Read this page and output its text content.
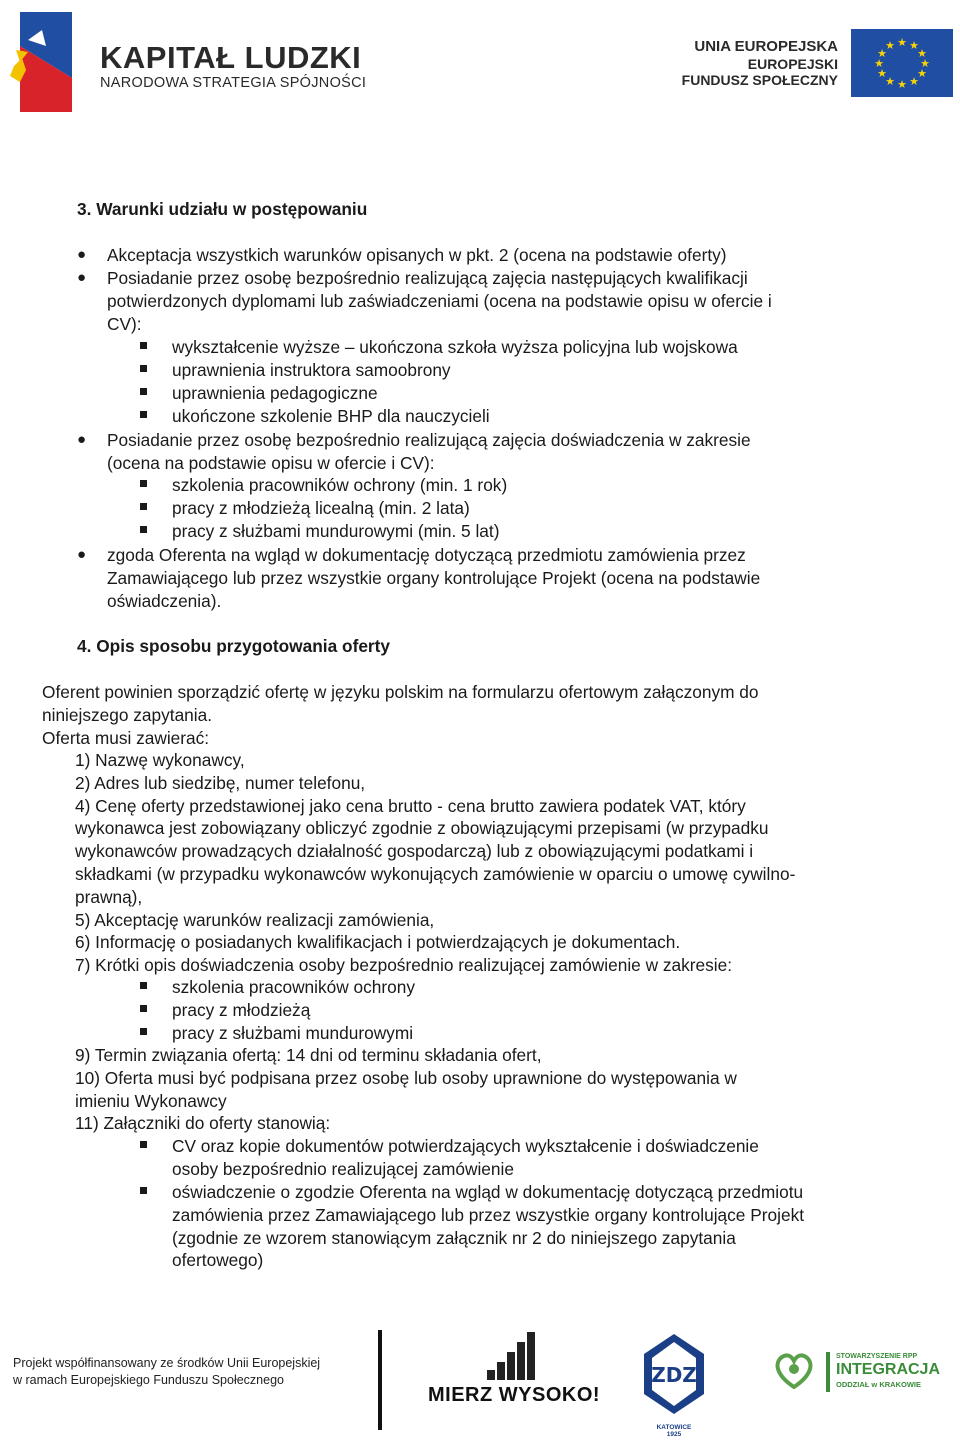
KAPITAŁ LUDZKI
NARODOWA STRATEGIA SPÓJNOŚCI
UNIA EUROPEJSKA
EUROPEJSKI
FUNDUSZ SPOŁECZNY
★ ★
★
★
★
★
★
★
★
★
★
★
3. Warunki udziału w postępowaniu
● Akceptacja wszystkich warunków opisanych w pkt. 2 (ocena na podstawie oferty)
● Posiadanie przez osobę bezpośrednio realizującą zajęcia następujących kwalifikacji
potwierdzonych dyplomami lub zaświadczeniami (ocena na podstawie opisu w ofercie i
CV):
wykształcenie wyższe – ukończona szkoła wyższa policyjna lub wojskowa
uprawnienia instruktora samoobrony
uprawnienia pedagogiczne
ukończone szkolenie BHP dla nauczycieli
● Posiadanie przez osobę bezpośrednio realizującą zajęcia doświadczenia w zakresie
(ocena na podstawie opisu w ofercie i CV):
szkolenia pracowników ochrony (min. 1 rok)
pracy z młodzieżą licealną (min. 2 lata)
pracy z służbami mundurowymi (min. 5 lat)
● zgoda Oferenta na wgląd w dokumentację dotyczącą przedmiotu zamówienia przez
Zamawiającego lub przez wszystkie organy kontrolujące Projekt (ocena na podstawie
oświadczenia).
4. Opis sposobu przygotowania oferty
Oferent powinien sporządzić ofertę w języku polskim na formularzu ofertowym załączonym do
niniejszego zapytania.
Oferta musi zawierać:
1) Nazwę wykonawcy,
2) Adres lub siedzibę, numer telefonu,
4) Cenę oferty przedstawionej jako cena brutto - cena brutto zawiera podatek VAT, który
wykonawca jest zobowiązany obliczyć zgodnie z obowiązującymi przepisami (w przypadku
wykonawców prowadzących działalność gospodarczą) lub z obowiązującymi podatkami i
składkami (w przypadku wykonawców wykonujących zamówienie w oparciu o umowę cywilno-
prawną),
5) Akceptację warunków realizacji zamówienia,
6) Informację o posiadanych kwalifikacjach i potwierdzających je dokumentach.
7) Krótki opis doświadczenia osoby bezpośrednio realizującej zamówienie w zakresie:
szkolenia pracowników ochrony
pracy z młodzieżą
pracy z służbami mundurowymi
9) Termin związania ofertą: 14 dni od terminu składania ofert,
10) Oferta musi być podpisana przez osobę lub osoby uprawnione do występowania w
imieniu Wykonawcy
11) Załączniki do oferty stanowią:
CV oraz kopie dokumentów potwierdzających wykształcenie i doświadczenie
osoby bezpośrednio realizującej zamówienie
oświadczenie o zgodzie Oferenta na wgląd w dokumentację dotyczącą przedmiotu
zamówienia przez Zamawiającego lub przez wszystkie organy kontrolujące Projekt
(zgodnie ze wzorem stanowiącym załącznik nr 2 do niniejszego zapytania
ofertowego)
Projekt współfinansowany ze środków Unii Europejskiej
w ramach Europejskiego Funduszu Społecznego
MIERZ WYSOKO!
ZDZ
KATOWICE
1925
STOWARZYSZENIE RPP
INTEGRACJA
ODDZIAŁ w KRAKOWIE
